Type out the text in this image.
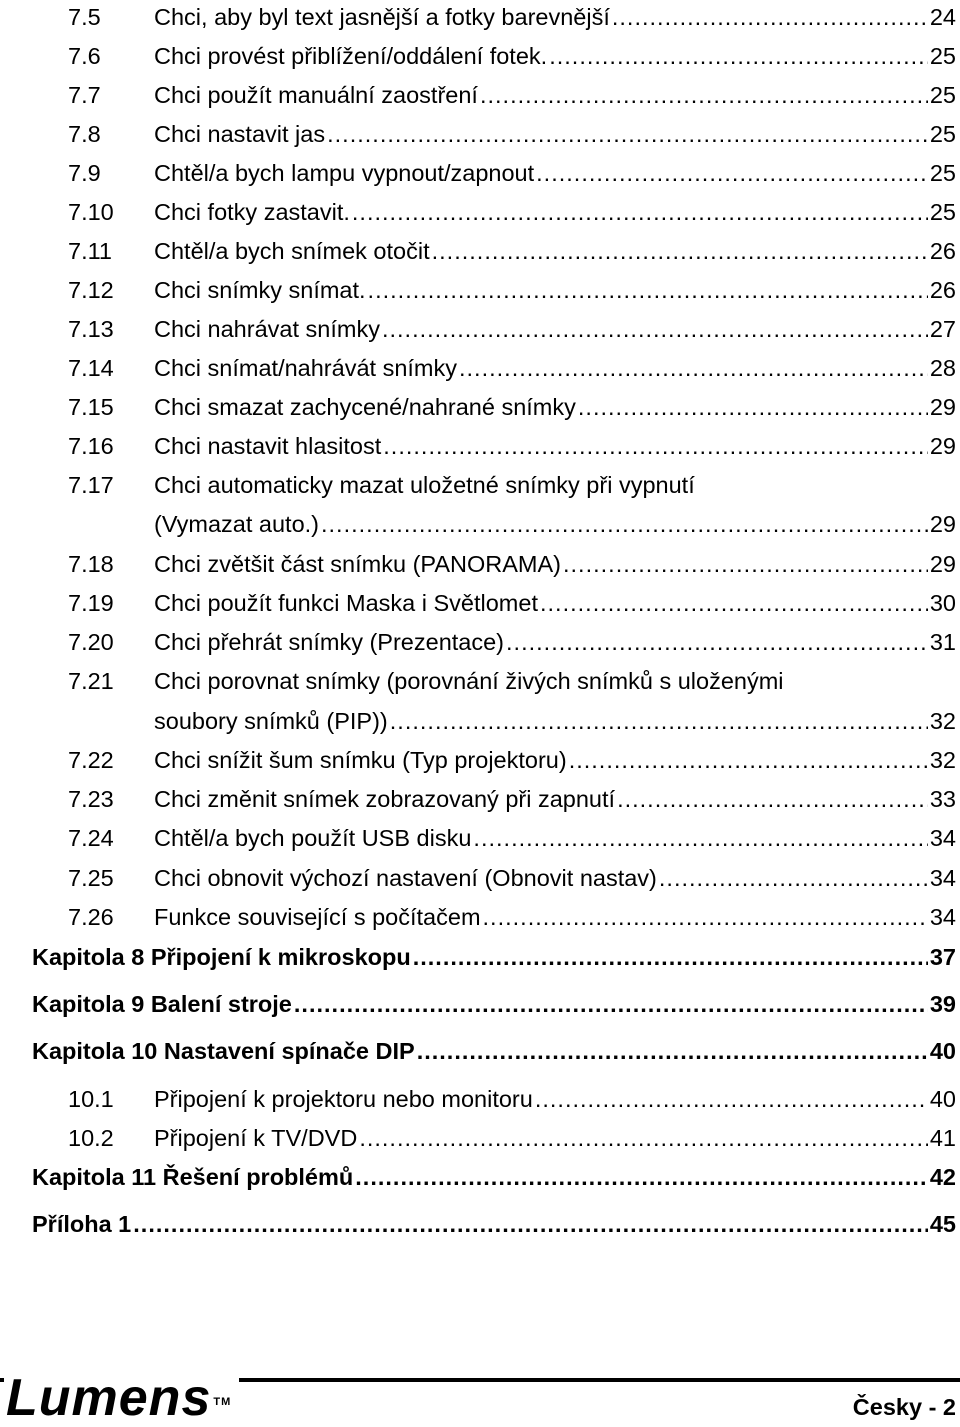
7.5 Chci, aby byl text jasnější a fotky barevnější .....	24
7.6 Chci provést přiblížení/oddálení fotek. .....	25
7.7 Chci použít manuální zaostření .....	25
7.8 Chci nastavit jas .....	25
7.9 Chtěl/a bych lampu vypnout/zapnout .....	25
7.10 Chci fotky zastavit. .....	25
7.11 Chtěl/a bych snímek otočit .....	26
7.12 Chci snímky snímat. .....	26
7.13 Chci nahrávat snímky .....	27
7.14 Chci snímat/nahrávát snímky .....	28
7.15 Chci smazat zachycené/nahrané snímky .....	29
7.16 Chci nastavit hlasitost .....	29
7.17 Chci automaticky mazat uložetné snímky při vypnutí
(Vymazat auto.) .....	29
7.18 Chci zvětšit část snímku (PANORAMA) .....	29
7.19 Chci použít funkci Maska i Světlomet .....	30
7.20 Chci přehrát snímky (Prezentace) .....	31
7.21 Chci porovnat snímky (porovnání živých snímků s uloženými
soubory snímků (PIP)) .....	32
7.22 Chci snížit šum snímku (Typ projektoru) .....	32
7.23 Chci změnit snímek zobrazovaný při zapnutí .....	33
7.24 Chtěl/a bych použít USB disku .....	34
7.25 Chci obnovit výchozí nastavení (Obnovit nastav) .....	34
7.26 Funkce související s počítačem .....	34
Kapitola 8 Připojení k mikroskopu .....	37
Kapitola 9 Balení stroje .....	39
Kapitola 10 Nastavení spínače DIP .....	40
10.1 Připojení k projektoru nebo monitoru .....	40
10.2 Připojení k TV/DVD .....	41
Kapitola 11 Řešení problémů .....	42
Příloha 1 .....	45
Lumens ™	Česky - 2
